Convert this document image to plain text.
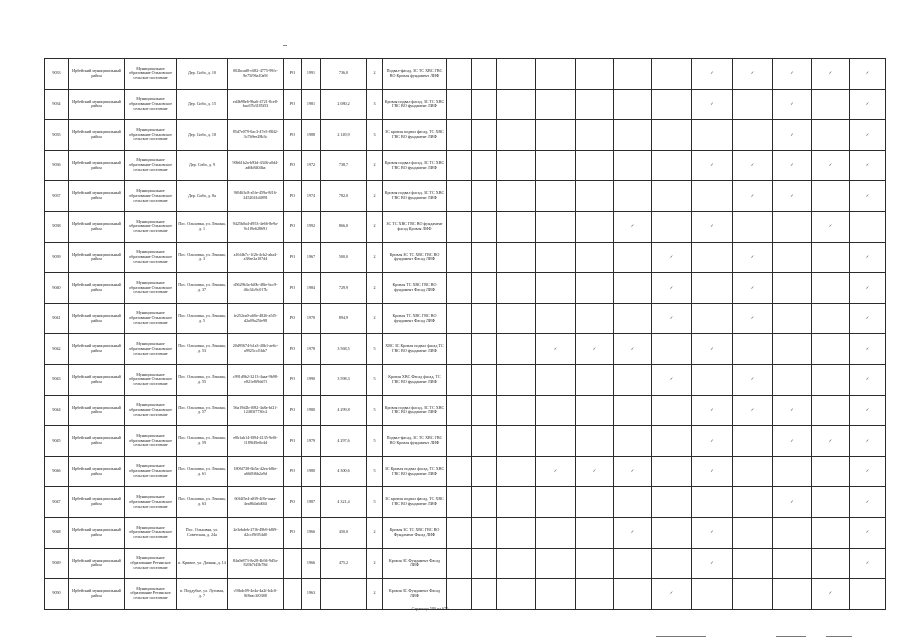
9033	Ирбейский муниципальный район	Муниципальное образование Ольховское сельское поселение	Дер. Сибо, д. 10	002bcad0-c682-4775-99fc-8e75f96a10a9f	РО	1991	736,0	2	Подвал-фасад, ЗС ТС ХВС ГВС ВО Кровля фундамент ЛИФ								✓	✓	✓	✓	✓
9034	Ирбейский муниципальный район	Муниципальное образование Ольховское сельское поселение	Дер. Сибо, д. 15	ed4b98e6-9ba6-4721-8ce8-bac67b3185f53	РО	1981	2 080,2	3	Кровля подвал фасад, ЗС ТС ХВС ГВС ВО фундамент ЛИФ								✓		✓		✓
9035	Ирбейский муниципальный район	Муниципальное образование Ольховское сельское поселение	Дер. Сибо, д. 18	85d7e079-0ac3-47e5-8842-3c7b9ee28b3c	РО	1988	2 149,9	3	ЗС кровля подвал фасад, ТС ХВС ГВС ВО фундамент ЛИФ										✓		✓
9036	Ирбейский муниципальный район	Муниципальное образование Ольховское сельское поселение	Дер. Сибо, д. 9	90b61b2a-b93d-4346-a0d4-ad6b8404ba	РО	1972	738,7	2	Кровля подвал фасад, ЗС ТС ХВС ГВС ВО фундамент ЛИФ								✓	✓	✓	✓	✓
9037	Ирбейский муниципальный район	Муниципальное образование Ольховское сельское поселение	Дер. Сибо, д. 8а	9f0463c8-a5fe-459a-8f16-2452041d4891	РО	1974	782,0	2	Кровля подвал фасад, ЗС ТС ХВС ГВС ВО фундамент ЛИФ									✓	✓		✓
9038	Ирбейский муниципальный район	Муниципальное образование Ольховское сельское поселение	Пос. Ольховка, ул. Ленина, д. 1	9425b0a4-d953-4e66-8e9a-9c1f9e628691	РО	1992	866,0	2	ЗС ТС ХВС ГВС ВО фундамент фасад Кровля ЛИФ						✓		✓			✓	
9039	Ирбейский муниципальный район	Муниципальное образование Ольховское сельское поселение	Пос. Ольховка, ул. Ленина, д. 3	a16f4b7c-1f2b-4cb2-aba4-a38ee2a107d4	РО	1967	500,0	2	Кровля ЗС ТС ХВС ГВС ВО фундамент Фасад ЛИФ							✓		✓			✓
9040	Ирбейский муниципальный район	Муниципальное образование Ольховское сельское поселение	Пос. Ольховка, ул. Ленина, д. 37	d5629b3a-bf0b-48fe-bcc9-46c34c9c017b	РО	1984	729,9	2	Кровля ТС ХВС ГВС ВО фундамент Фасад ЛИФ							✓		✓			✓
9041	Ирбейский муниципальный район	Муниципальное образование Ольховское сельское поселение	Пос. Ольховка, ул. Ленина, д. 5	fe252ea0-a60e-4826-a5f5-d2a09a25fe98	РО	1970	894,9	2	Кровля ТС ХВС ГВС ВО фундамент Фасад ЛИФ							✓		✓			✓
9042	Ирбейский муниципальный район	Муниципальное образование Ольховское сельское поселение	Пос. Ольховка, ул. Ленина, д. 53	20d95674-b1a3-40b1-ae6c-a9925ccf1bb7	РО	1978	3 568,5	5	ХВС ЗС Кровля подвал фасад ТС ГВС ВО фундамент ЛИФ				✓	✓	✓		✓				✓
9043	Ирбейский муниципальный район	Муниципальное образование Ольховское сельское поселение	Пос. Ольховка, ул. Ленина, д. 55	c991d9b2-3213-4aaa-9b98-e821e8f9dd7f	РО	1990	3 598,3	5	Кровля ХВС Фасад фасад, ТС ГВС ВО фундамент ЛИФ							✓		✓			✓
9044	Ирбейский муниципальный район	Муниципальное образование Ольховское сельское поселение	Пос. Ольховка, ул. Ленина, д. 57	56a19d2b-f082-4a8a-bf21-12483f7730c2	РО	1980	4 299,8	5	Кровля подвал фасад, ЗС ТС ХВС ГВС ВО фундамент ЛИФ								✓	✓	✓		✓
9045	Ирбейский муниципальный район	Муниципальное образование Ольховское сельское поселение	Пос. Ольховка, ул. Ленина, д. 59	e0b1ab14-8f94-4135-9e0f-1189f49e0e4d	РО	1979	4 297,6	5	Подвал-фасад, ЗС ТС ХВС ГВС ВО Кровля фундамент ЛИФ								✓		✓	✓	✓
9046	Ирбейский муниципальный район	Муниципальное образование Ольховское сельское поселение	Пос. Ольховка, ул. Ленина, д. 61	1806f738-6b5a-42ea-b8fe-a66f8f6b2a9d	РО	1980	4 300,6	5	ЗС Кровля подвал фасад, ТС ХВС ГВС ВО фундамент ЛИФ				✓	✓	✓		✓				✓
9047	Ирбейский муниципальный район	Муниципальное образование Ольховское сельское поселение	Пос. Ольховка, ул. Ленина, д. 63	60f4f5e4-a8f9-4f8e-aaaa-4ea864a6d04f	РО	1987	4 321,4	5	ЗС кровля подвал фасад, ТС ХВС ГВС ВО фундамент ЛИФ										✓		✓
9048	Ирбейский муниципальный район	Муниципальное образование Ольховское сельское поселение	Пос. Ольховка, ул. Советская, д. 24а	2e3ebdeb-27f6-49b9-b8f9-d2ccf9f054d0	РО	1966	450,0	2	Кровля ЗС ТС ХВС ГВС ВО Фундамент Фасад ЛИФ						✓		✓				✓
9049	Ирбейский муниципальный район	Муниципальное образование Ретинское сельское поселение	п. Кривое, ул. Дачная, д. 14	84a0e873-0e28-4b94-9d5a-820b7f45b78d		1966	475,2	2	Кровля ЗС Фундамент Фасад ЛИФ								✓				✓
9050	Ирбейский муниципальный район	Муниципальное образование Ретинское сельское поселение	п. Поддубье, ул. Луговая, д. 7	c9fbdc09-4e4a-4a2f-b4c0-8f8eac3f0388		1963		2	Кровля ЗС Фундамент Фасад ЛИФ							✓				✓	
Страница 580 из 670
